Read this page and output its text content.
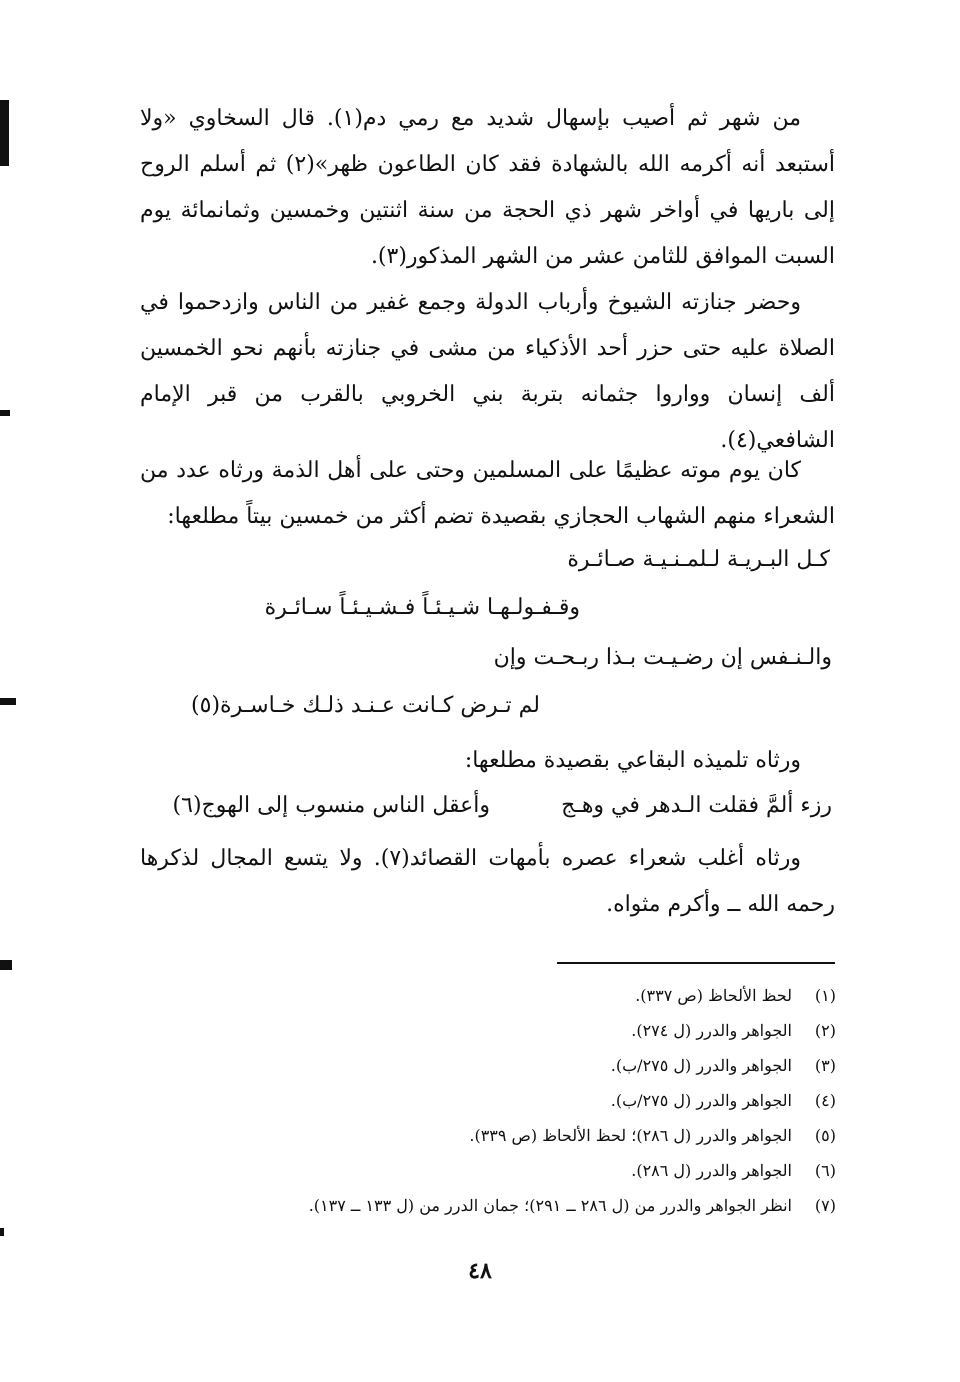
من شهر ثم أصيب بإسهال شديد مع رمي دم(١). قال السخاوي «ولا أستبعد أنه أكرمه الله بالشهادة فقد كان الطاعون ظهر»(٢) ثم أسلم الروح إلى باريها في أواخر شهر ذي الحجة من سنة اثنتين وخمسين وثمانمائة يوم السبت الموافق للثامن عشر من الشهر المذكور(٣).

وحضر جنازته الشيوخ وأرباب الدولة وجمع غفير من الناس وازدحموا في الصلاة عليه حتى حزر أحد الأذكياء من مشى في جنازته بأنهم نحو الخمسين ألف إنسان وواروا جثمانه بتربة بني الخروبي بالقرب من قبر الإمام الشافعي(٤).

كان يوم موته عظيمًا على المسلمين وحتى على أهل الذمة ورثاه عدد من الشعراء منهم الشهاب الحجازي بقصيدة تضم أكثر من خمسين بيتاً مطلعها:

كـل البـريـة لـلمـنـيـة صـائـرة
وقـفـولـهـا شـيـئـاً فـشـيـئـاً سـائـرة
والـنـفس إن رضـيـت بـذا ربـحـت وإن
لم تـرض كـانت عـنـد ذلـك خـاسـرة(٥)

ورثاه تلميذه البقاعي بقصيدة مطلعها:

رزء ألمَّ فقلت الـدهر في وهـج
وأعقل الناس منسوب إلى الهوج(٦)

ورثاه أغلب شعراء عصره بأمهات القصائد(٧). ولا يتسع المجال لذكرها رحمه الله ــ وأكرم مثواه.

(١)
لحظ الألحاظ (ص ٣٣٧).
(٢)
الجواهر والدرر (ل ٢٧٤).
(٣)
الجواهر والدرر (ل ٢٧٥/ب).
(٤)
الجواهر والدرر (ل ٢٧٥/ب).
(٥)
الجواهر والدرر (ل ٢٨٦)؛ لحظ الألحاظ (ص ٣٣٩).
(٦)
الجواهر والدرر (ل ٢٨٦).
(٧)
انظر الجواهر والدرر من (ل ٢٨٦ ــ ٢٩١)؛ جمان الدرر من (ل ١٣٣ ــ ١٣٧).
٤٨
